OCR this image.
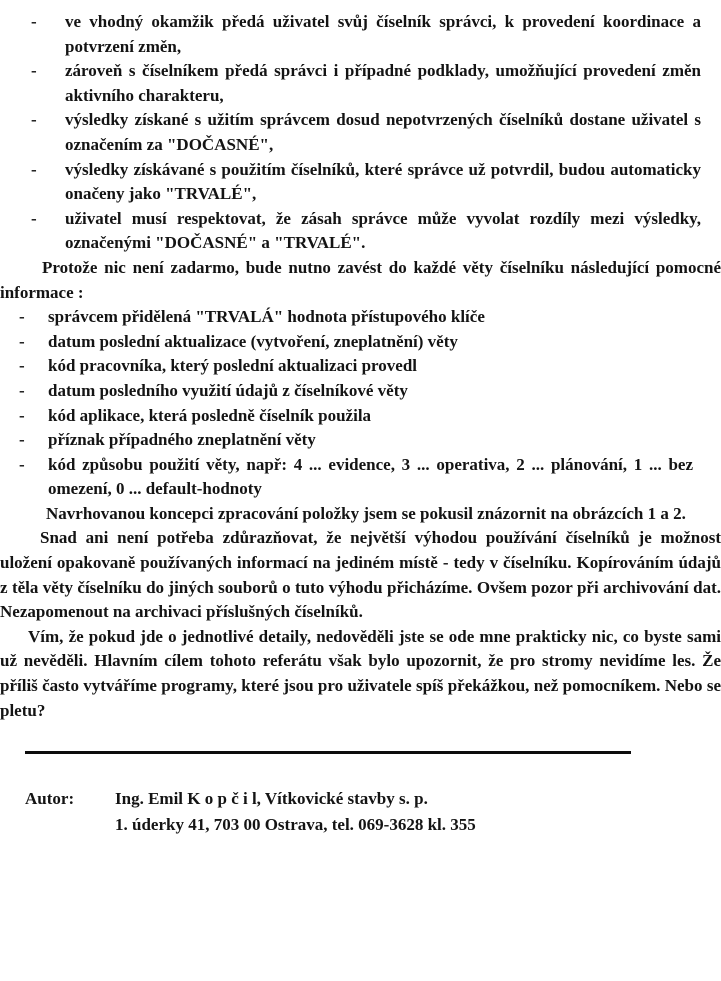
- ve vhodný okamžik předá uživatel svůj číselník správci, k provedení koordinace a potvrzení změn,
- zároveň s číselníkem předá správci i případné podklady, umožňující provedení změn aktivního charakteru,
- výsledky získané s užitím správcem dosud nepotvrzených číselníků dostane uživatel s označením za "DOČASNÉ",
- výsledky získávané s použitím číselníků, které správce už potvrdil, budou automaticky onačeny jako "TRVALÉ",
- uživatel musí respektovat, že zásah správce může vyvolat rozdíly mezi výsledky, označenými "DOČASNÉ" a "TRVALÉ".

Protože nic není zadarmo, bude nutno zavést do každé věty číselníku následující pomocné informace :

- správcem přidělená "TRVALÁ" hodnota přístupového klíče
- datum poslední aktualizace (vytvoření, zneplatnění) věty
- kód pracovníka, který poslední aktualizaci provedl
- datum posledního využití údajů z číselníkové věty
- kód aplikace, která posledně číselník použila
- příznak případného zneplatnění věty
- kód způsobu použití věty, např: 4 ... evidence, 3 ... operativa, 2 ... plánování, 1 ... bez omezení, 0 ... default-hodnoty

Navrhovanou koncepci zpracování položky jsem se pokusil znázornit na obrázcích 1 a 2.

Snad ani není potřeba zdůrazňovat, že největší výhodou používání číselníků je možnost uložení opakovaně používaných informací na jediném místě - tedy v číselníku. Kopírováním údajů z těla věty číselníku do jiných souborů o tuto výhodu přicházíme. Ovšem pozor při archivování dat. Nezapomenout na archivaci příslušných číselníků.

Vím, že pokud jde o jednotlivé detaily, nedověděli jste se ode mne prakticky nic, co byste sami už nevěděli. Hlavním cílem tohoto referátu však bylo upozornit, že pro stromy nevidíme les. Že příliš často vytváříme programy, které jsou pro uživatele spíš překážkou, než pomocníkem. Nebo se pletu?

Autor:	Ing. Emil K o p č i l, Vítkovické stavby s. p.
1. úderky 41, 703 00 Ostrava, tel. 069-3628 kl. 355
